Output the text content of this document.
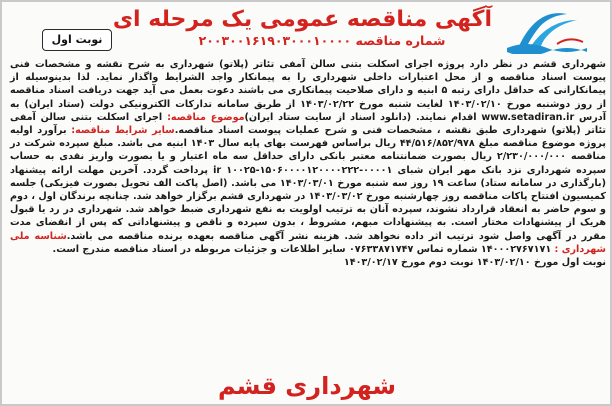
آگهی مناقصه عمومی یک مرحله ای
شماره مناقصه ۲۰۰۳۰۰۱۶۱۹۰۳۰۰۰۱۰۰۰۰
نوبت اول

شهرداری قشم در نظر دارد پروژه اجرای اسکلت بتنی سالن آمفی تئاتر (پلاتو) شهرداری به شرح نقشه و مشخصات فنی پیوست اسناد مناقصه و از محل اعتبارات داخلی شهرداری را به پیمانکار واجد الشرایط واگذار نماید. لذا بدینوسیله از پیمانکارانی که حداقل دارای رتبه ۵ ابنیه و دارای صلاحیت پیمانکاری می باشند دعوت بعمل می آید جهت دریافت اسناد مناقصه از روز دوشنبه مورخ ۱۴۰۳/۰۲/۱۰ لغایت شنبه مورخ ۱۴۰۳/۰۲/۲۲ از طریق سامانه تدارکات الکترونیکی دولت (ستاد ایران) به آدرس www.setadiran.ir اقدام نمایند. (دانلود اسناد از سایت ستاد ایران)موضوع مناقصه: اجرای اسکلت بتنی سالن آمفی تئاتر (پلاتو) شهرداری طبق نقشه ، مشخصات فنی و شرح عملیات پیوست اسناد مناقصه.سایر شرایط مناقصه: برآورد اولیه پروژه موضوع مناقصه مبلغ ۴۴/۵۱۶/۸۵۲/۹۷۸ ریال براساس فهرست بهای پایه سال ۱۴۰۳ ابنیه می باشد. مبلغ سپرده شرکت در مناقصه ۲/۲۳۰/۰۰۰/۰۰۰ ریال بصورت ضمانتنامه معتبر بانکی دارای حداقل سه ماه اعتبار و یا بصورت واریز نقدی به حساب سپرده شهرداری نزد بانک مهر ایران شبای ۰۰۰۰۱-۱۵۰۶۰۰۰۰۱۲۰۰۰۰۲۲۲-۱۰۰۲۵ ir پرداخت گردد. آخرین مهلت ارائه پیشنهاد (بارگذاری در سامانه ستاد) ساعت ۱۹ روز سه شنبه مورخ ۱۴۰۳/۰۳/۰۱ می باشد. (اصل پاکت الف تحویل بصورت فیزیکی) جلسه کمیسیون افتتاح پاکات مناقصه روز چهارشنبه مورخ ۱۴۰۳/۰۳/۰۲ در شهرداری قشم برگزار خواهد شد. چنانچه برندگان اول ، دوم و سوم حاضر به انعقاد قرارداد نشوند، سپرده آنان به ترتیب اولویت به نفع شهرداری ضبط خواهد شد. شهرداری در رد یا قبول هریک از پیشنهادات مختار است. به پیشنهادات مبهم، مشروط ، بدون سپرده و ناقص و پیشنهاداتی که پس از انقضای مدت مقرر در آگهی واصل شود ترتیب اثر داده نخواهد شد. هزینه نشر آگهی مناقصه بعهده برنده مناقصه می باشد.شناسه ملی شهرداری : ۱۴۰۰۰۲۷۶۷۱۷۱ شماره تماس ۰۷۶۳۳۸۷۱۷۴۷ سایر اطلاعات و جزئیات مربوطه در اسناد مناقصه مندرج است.

نوبت اول مورخ ۱۴۰۳/۰۲/۱۰ نوبت دوم مورخ ۱۴۰۳/۰۲/۱۷

شهرداری قشم
